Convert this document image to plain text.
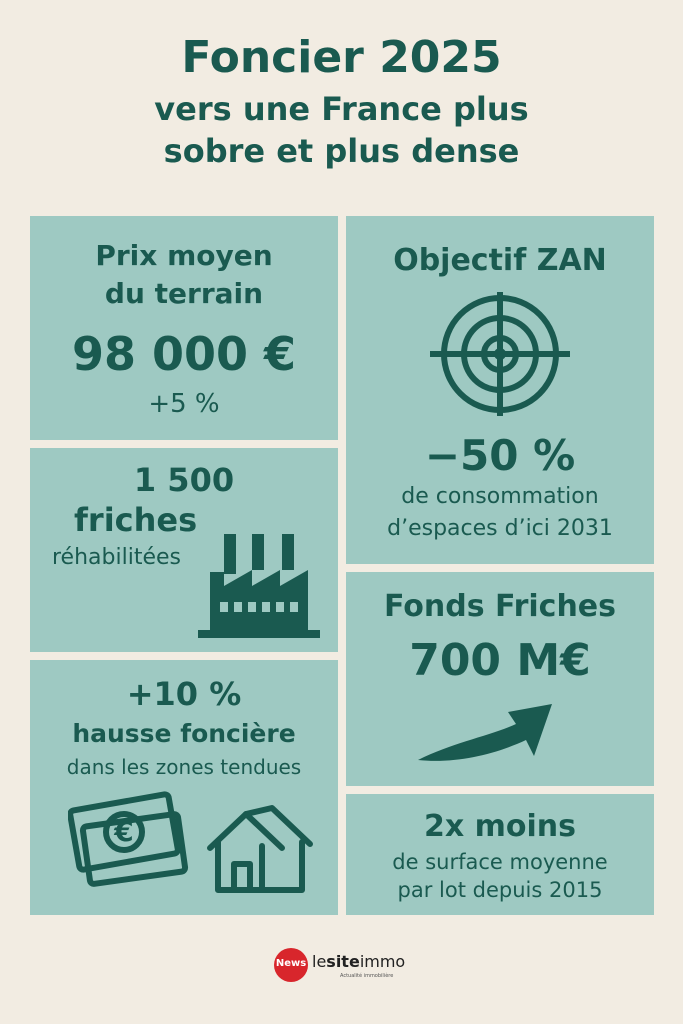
Foncier 2025
vers une France plus
sobre et plus dense
Prix moyen
du terrain
98 000 €
+5 %
1 500
friches
réhabilitées
+10 %
hausse foncière
dans les zones tendues
€
Objectif ZAN
−50 %
de consommation
d’espaces d’ici 2031
Fonds Friches
700 M€
2x moins
de surface moyenne
par lot depuis 2015
News lesiteimmo
Actualité immobilière
